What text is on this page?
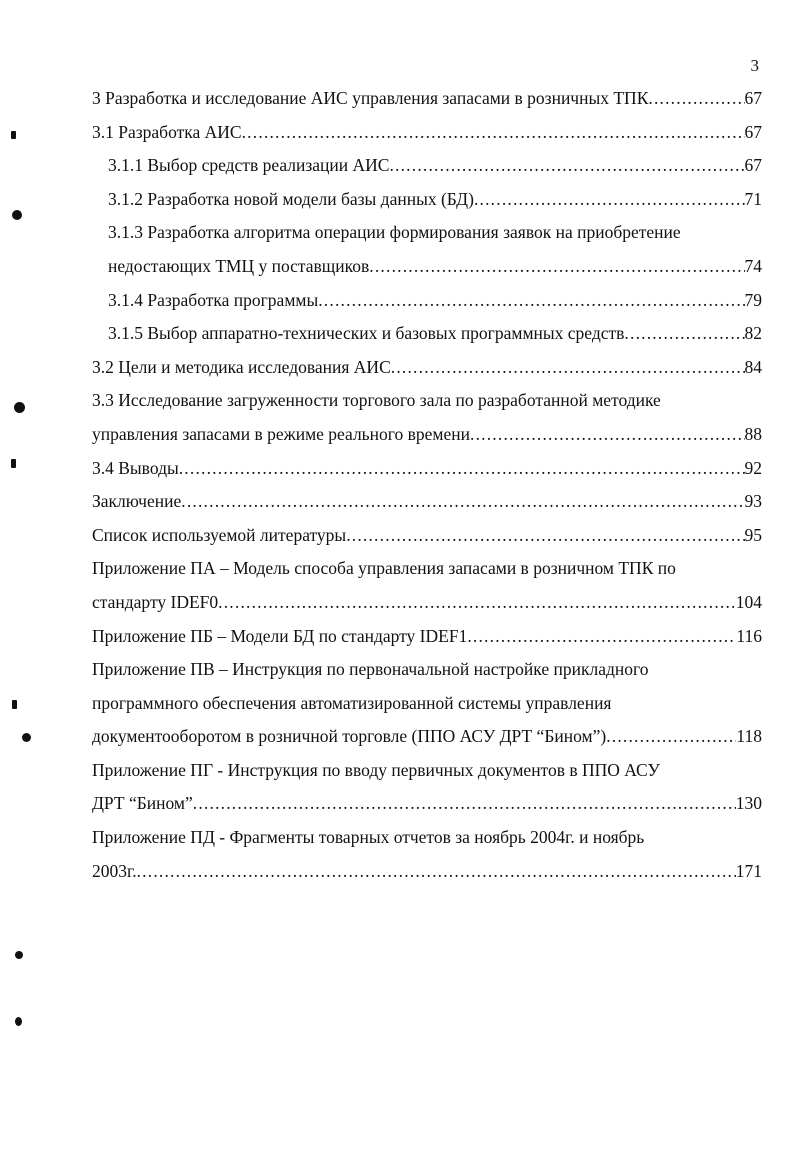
3
3 Разработка и исследование АИС управления запасами в розничных ТПК .....	67
3.1 Разработка АИС .....	67
3.1.1 Выбор средств реализации АИС .....	67
3.1.2 Разработка новой модели базы данных (БД) .....	71
3.1.3 Разработка алгоритма операции формирования заявок на приобретение
недостающих ТМЦ у поставщиков .....	74
3.1.4 Разработка программы .....	79
3.1.5 Выбор аппаратно-технических и базовых программных средств .....	82
3.2 Цели и методика исследования АИС .....	84
3.3 Исследование загруженности торгового зала по разработанной методике
управления запасами в режиме реального времени .....	88
3.4 Выводы .....	92
Заключение .....	93
Список используемой литературы .....	95
Приложение ПА – Модель способа управления запасами в розничном ТПК по
стандарту IDEF0 .....	104
Приложение ПБ – Модели БД по стандарту IDEF1 .....	116
Приложение ПВ – Инструкция по первоначальной настройке прикладного
программного обеспечения автоматизированной системы управления
документооборотом в розничной торговле (ППО АСУ ДРТ “Бином”) .....	118
Приложение ПГ - Инструкция по вводу первичных документов в ППО АСУ
ДРТ “Бином” .....	130
Приложение ПД - Фрагменты товарных отчетов за ноябрь 2004г. и ноябрь
2003г. .....	171
